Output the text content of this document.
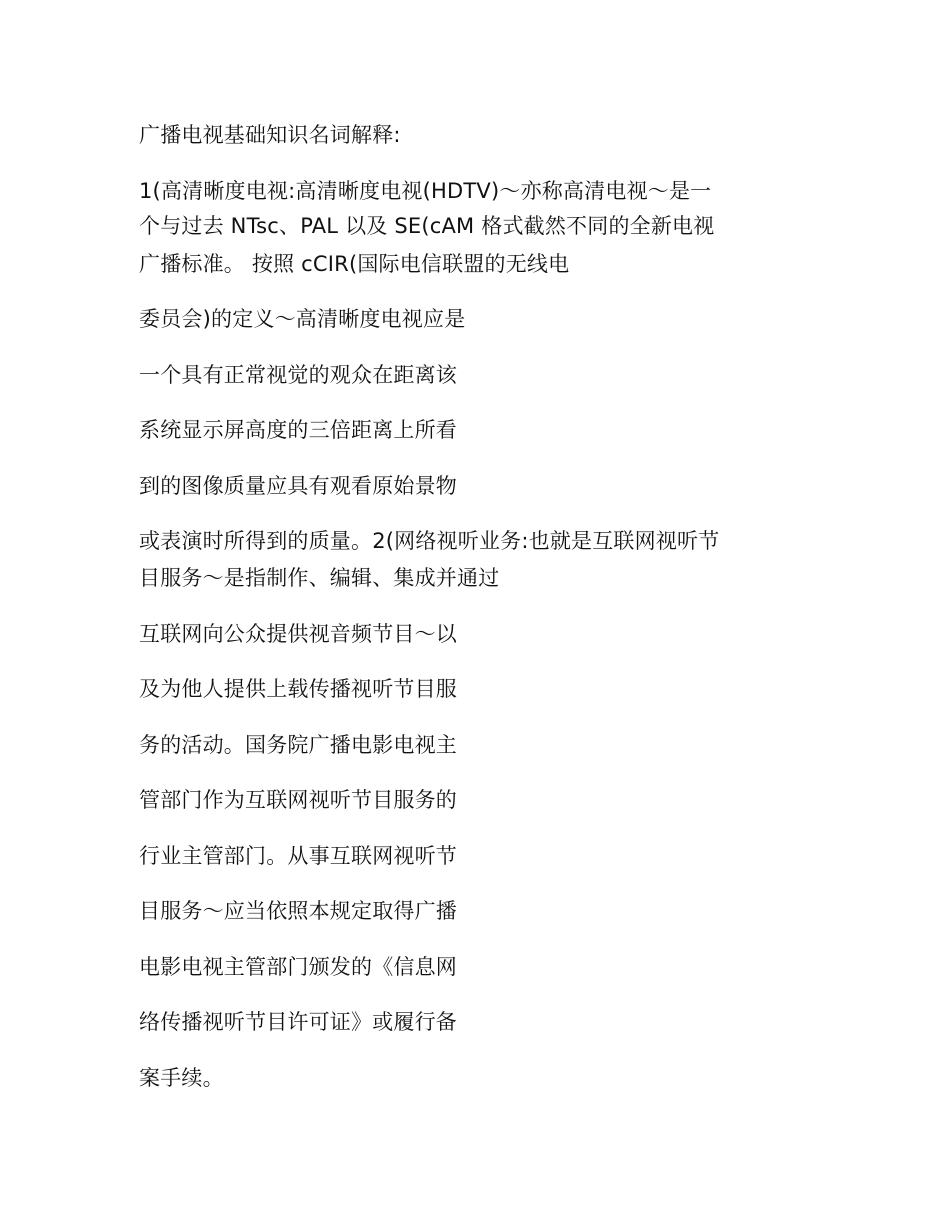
广播电视基础知识名词解释:

1(高清晰度电视:高清晰度电视(HDTV)～亦称高清电视～是一

个与过去 NTsc、PAL 以及 SE(cAM 格式截然不同的全新电视

广播标准。 按照 cCIR(国际电信联盟的无线电

委员会)的定义～高清晰度电视应是

一个具有正常视觉的观众在距离该

系统显示屏高度的三倍距离上所看

到的图像质量应具有观看原始景物

或表演时所得到的质量。2(网络视听业务:也就是互联网视听节

目服务～是指制作、编辑、集成并通过

互联网向公众提供视音频节目～以

及为他人提供上载传播视听节目服

务的活动。国务院广播电影电视主

管部门作为互联网视听节目服务的

行业主管部门。从事互联网视听节

目服务～应当依照本规定取得广播

电影电视主管部门颁发的《信息网

络传播视听节目许可证》或履行备

案手续。
